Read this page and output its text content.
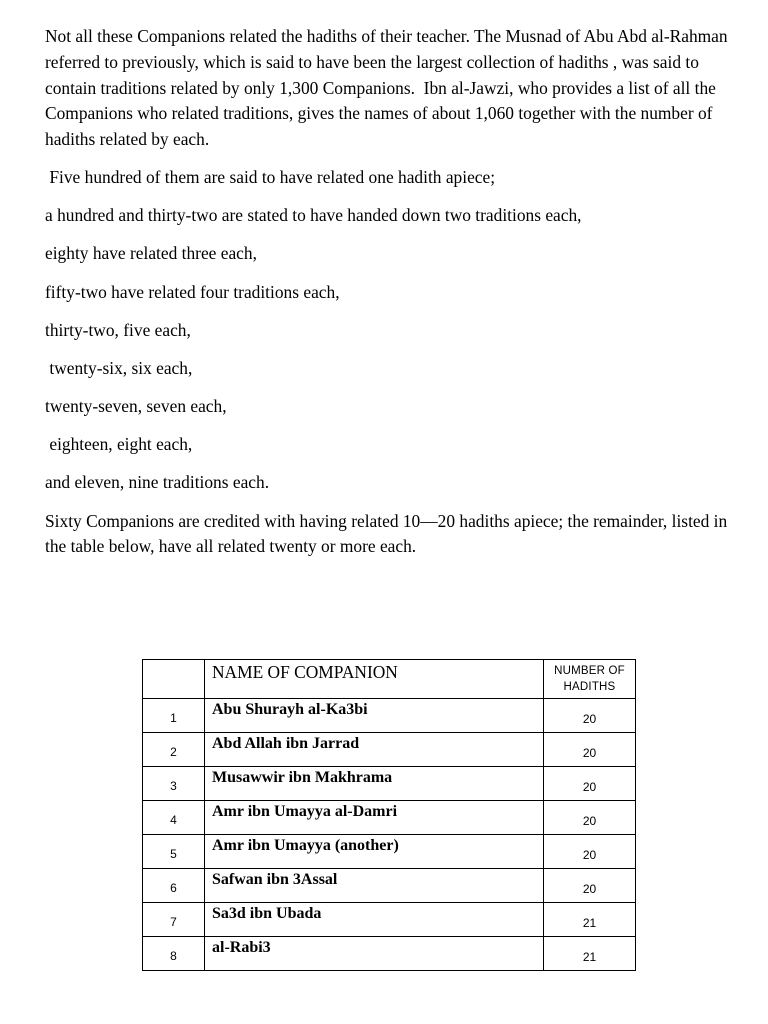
Not all these Companions related the hadiths of their teacher. The Musnad of Abu Abd al-Rahman referred to previously, which is said to have been the largest collection of hadiths , was said to contain traditions related by only 1,300 Companions.  Ibn al-Jawzi, who provides a list of all the Companions who related traditions, gives the names of about 1,060 together with the number of hadiths related by each.

Five hundred of them are said to have related one hadith apiece;

a hundred and thirty-two are stated to have handed down two traditions each,

eighty have related three each,

fifty-two have related four traditions each,

thirty-two, five each,

twenty-six, six each,

twenty-seven, seven each,

eighteen, eight each,

and eleven, nine traditions each.

Sixty Companions are credited with having related 10—20 hadiths apiece; the remainder, listed in the table below, have all related twenty or more each.

	NAME OF COMPANION	NUMBER OF
HADITHS

1	Abu Shurayh al-Ka3bi	20
2	Abd Allah ibn Jarrad	20
3	Musawwir ibn Makhrama	20
4	Amr ibn Umayya al-Damri	20
5	Amr ibn Umayya (another)	20
6	Safwan ibn 3Assal	20
7	Sa3d ibn Ubada	21
8	al-Rabi3	21
